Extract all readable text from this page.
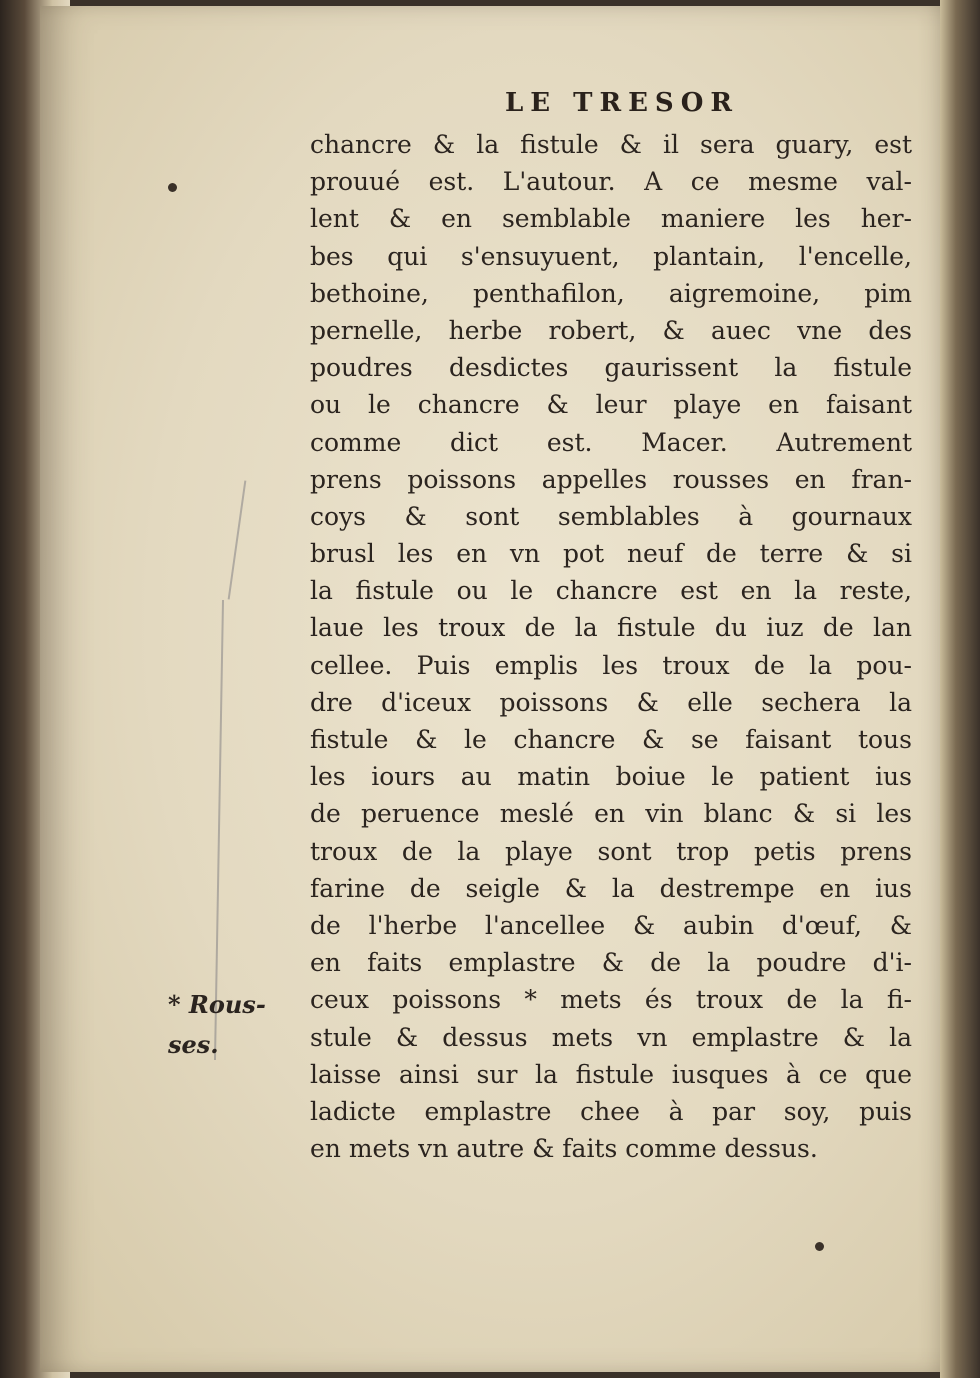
LE TRESOR
chancre & la fistule & il sera guary, est
prouué est. L'autour. A ce mesme val-
lent & en semblable maniere les her-
bes qui s'ensuyuent, plantain, l'encelle,
bethoine, penthafilon, aigremoine, pim
pernelle, herbe robert, & auec vne des
poudres desdictes gaurissent la fistule
ou le chancre & leur playe en faisant
comme dict est. Macer. Autrement
prens poissons appelles rousses en fran-
coys & sont semblables à gournaux
brusl les en vn pot neuf de terre & si
la fistule ou le chancre est en la reste,
laue les troux de la fistule du iuz de lan
cellee. Puis emplis les troux de la pou-
dre d'iceux poissons & elle sechera la
fistule & le chancre & se faisant tous
les iours au matin boiue le patient ius
de peruence meslé en vin blanc & si les
troux de la playe sont trop petis prens
farine de seigle & la destrempe en ius
de l'herbe l'ancellee & aubin d'œuf, &
en faits emplastre & de la poudre d'i-
ceux poissons * mets és troux de la fi-
stule & dessus mets vn emplastre & la
laisse ainsi sur la fistule iusques à ce que
ladicte emplastre chee à par soy, puis
en mets vn autre & faits comme dessus.
* Rous-
ses.
